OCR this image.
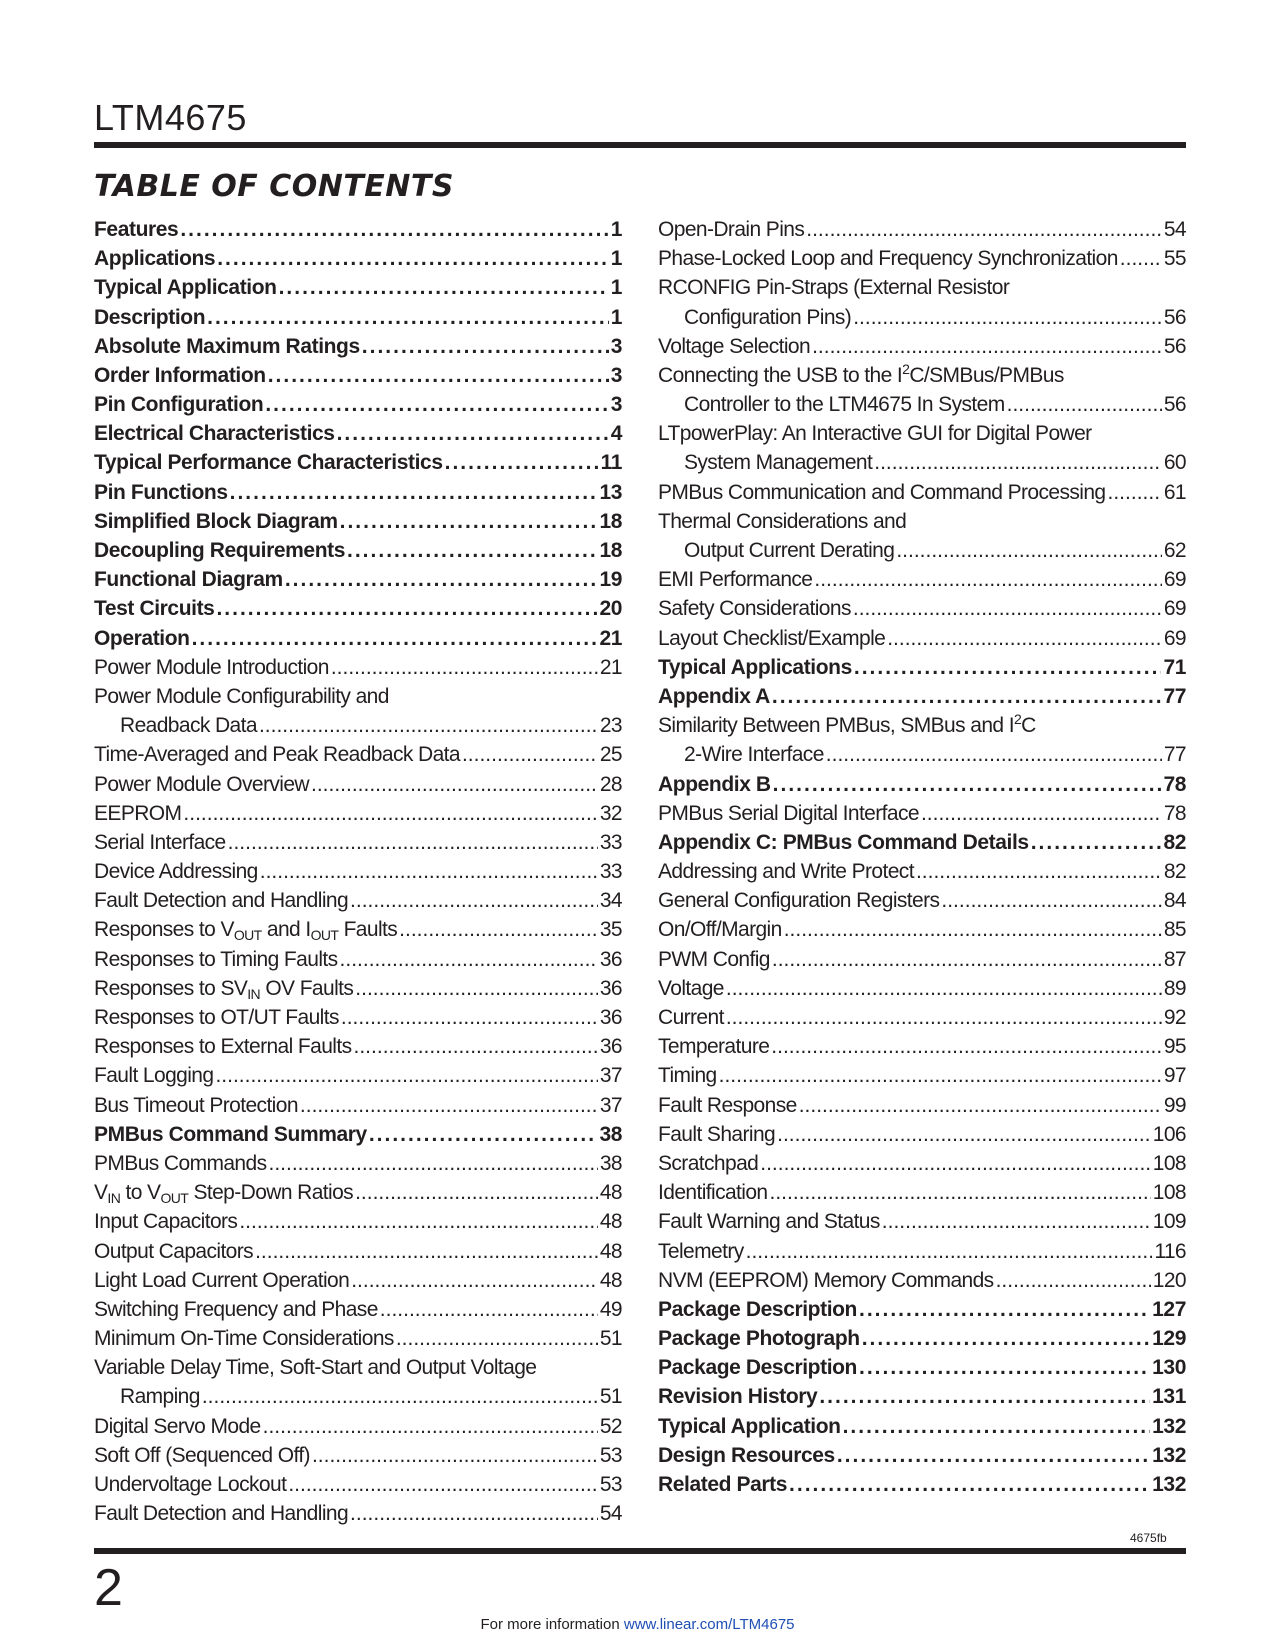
LTM4675
TABLE OF CONTENTS
Features .....	1
Applications .....	1
Typical Application .....	1
Description .....	1
Absolute Maximum Ratings .....	3
Order Information .....	3
Pin Configuration .....	3
Electrical Characteristics .....	4
Typical Performance Characteristics .....	11
Pin Functions .....	13
Simplified Block Diagram .....	18
Decoupling Requirements .....	18
Functional Diagram .....	19
Test Circuits .....	20
Operation .....	21
Power Module Introduction .....	21
Power Module Configurability and
Readback Data .....	23
Time-Averaged and Peak Readback Data .....	25
Power Module Overview .....	28
EEPROM .....	32
Serial Interface .....	33
Device Addressing .....	33
Fault Detection and Handling .....	34
Responses to $V_{OUT}$ and $I_{OUT}$ Faults .....	35
Responses to Timing Faults .....	36
Responses to $SV_{IN}$ OV Faults .....	36
Responses to OT/UT Faults .....	36
Responses to External Faults .....	36
Fault Logging .....	37
Bus Timeout Protection .....	37
PMBus Command Summary .....	38
PMBus Commands .....	38
$V_{IN}$ to $V_{OUT}$ Step-Down Ratios .....	48
Input Capacitors .....	48
Output Capacitors .....	48
Light Load Current Operation .....	48
Switching Frequency and Phase .....	49
Minimum On-Time Considerations .....	51
Variable Delay Time, Soft-Start and Output Voltage
Ramping .....	51
Digital Servo Mode .....	52
Soft Off (Sequenced Off) .....	53
Undervoltage Lockout .....	53
Fault Detection and Handling .....	54
Open-Drain Pins .....	54
Phase-Locked Loop and Frequency Synchronization ..... 55
RCONFIG Pin-Straps (External Resistor
Configuration Pins) .....	56
Voltage Selection .....	56
Connecting the USB to the $I^2C/SMBus$/PMBus
Controller to the LTM4675 In System .....	56
LTpowerPlay: An Interactive GUI for Digital Power
System Management .....	60
PMBus Communication and Command Processing .....	61
Thermal Considerations and
Output Current Derating .....	62
EMI Performance .....	69
Safety Considerations .....	69
Layout Checklist/Example .....	69
Typical Applications .....	71
Appendix A .....	77
Similarity Between PMBus, SMBus and $I^2C$
2-Wire Interface .....	77
Appendix B .....	78
PMBus Serial Digital Interface .....	78
Appendix C: PMBus Command Details .....	82
Addressing and Write Protect .....	82
General Configuration Registers .....	84
On/Off/Margin .....	85
PWM Config .....	87
Voltage .....	89
Current .....	92
Temperature .....	95
Timing .....	97
Fault Response .....	99
Fault Sharing .....	106
Scratchpad .....	108
Identification .....	108
Fault Warning and Status .....	109
Telemetry .....	116
NVM (EEPROM) Memory Commands .....	120
Package Description .....	127
Package Photograph .....	129
Package Description .....	130
Revision History .....	131
Typical Application .....	132
Design Resources .....	132
Related Parts .....	132
4675fb
2
For more information www.linear.com/LTM4675
